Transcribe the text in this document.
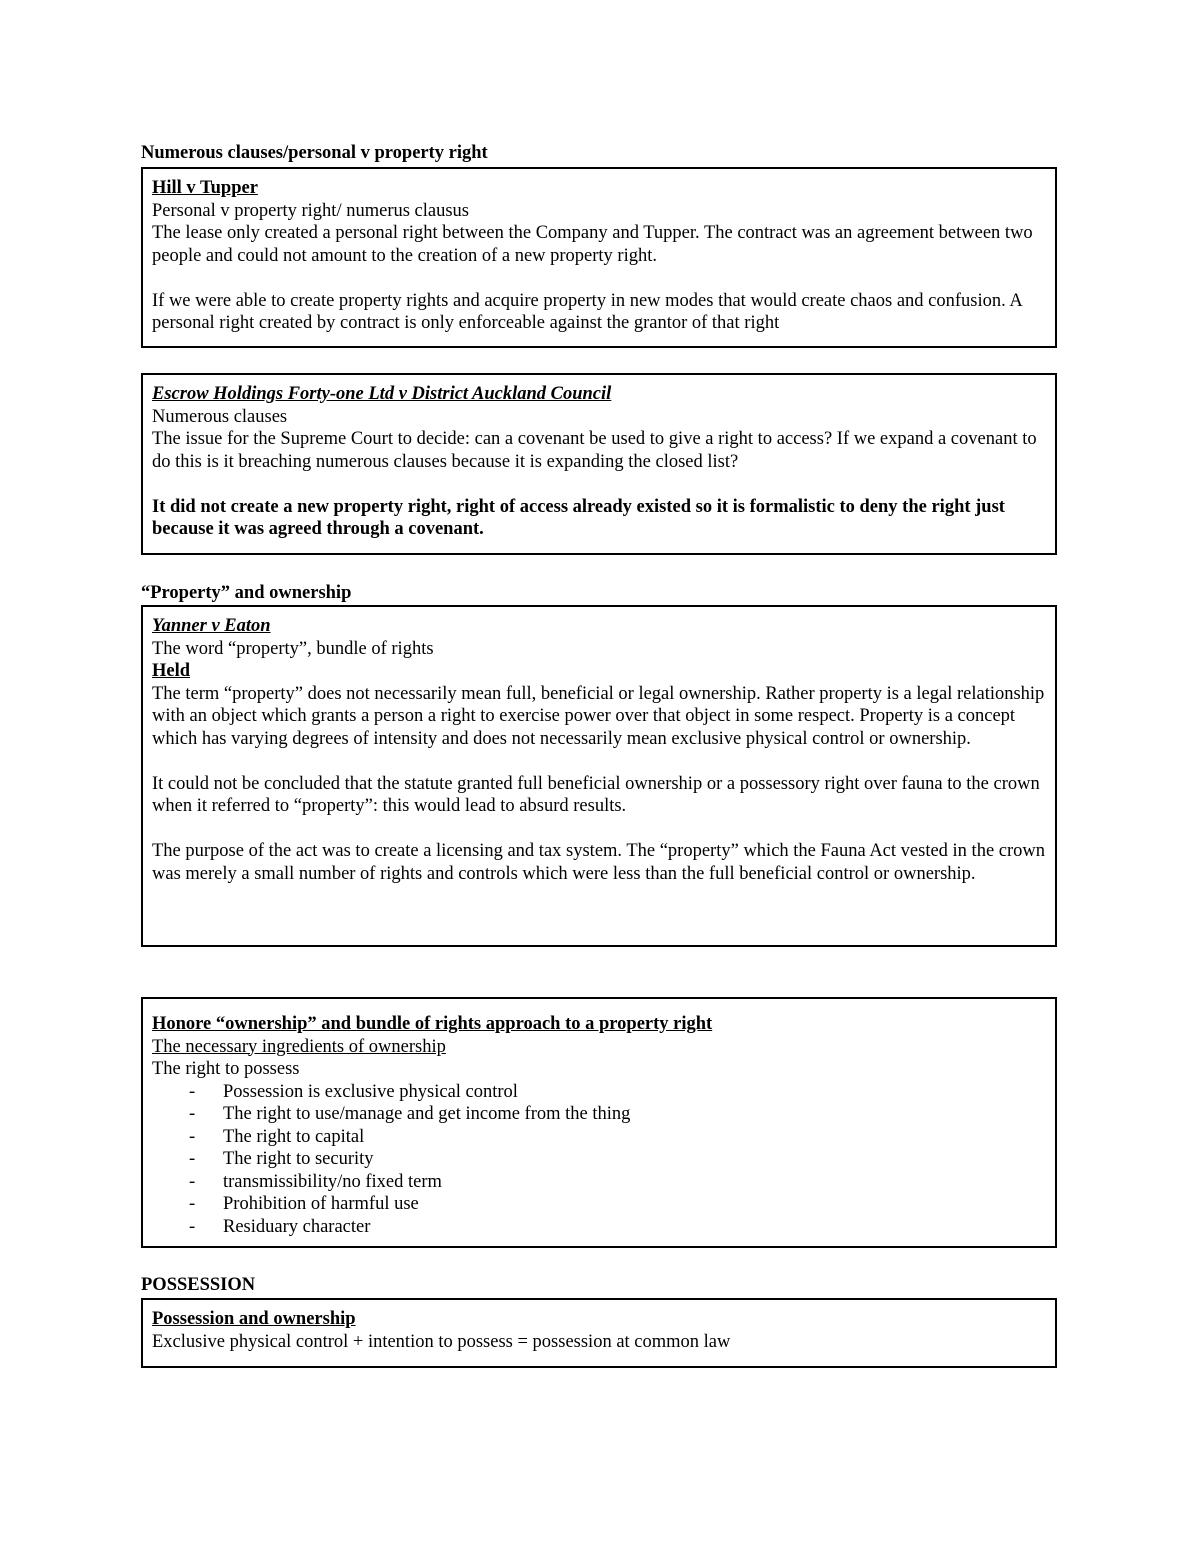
Numerous clauses/personal v property right

Hill v Tupper

Personal v property right/ numerus clausus

The lease only created a personal right between the Company and Tupper. The contract was an agreement between two people and could not amount to the creation of a new property right.

If we were able to create property rights and acquire property in new modes that would create chaos and confusion. A personal right created by contract is only enforceable against the grantor of that right

Escrow Holdings Forty-one Ltd v District Auckland Council

Numerous clauses

The issue for the Supreme Court to decide: can a covenant be used to give a right to access? If we expand a covenant to do this is it breaching numerous clauses because it is expanding the closed list?

It did not create a new property right, right of access already existed so it is formalistic to deny the right just because it was agreed through a covenant.

“Property” and ownership

Yanner v Eaton

The word “property”, bundle of rights

Held

The term “property” does not necessarily mean full, beneficial or legal ownership. Rather property is a legal relationship with an object which grants a person a right to exercise power over that object in some respect. Property is a concept which has varying degrees of intensity and does not necessarily mean exclusive physical control or ownership.

It could not be concluded that the statute granted full beneficial ownership or a possessory right over fauna to the crown when it referred to “property”: this would lead to absurd results.

The purpose of the act was to create a licensing and tax system. The “property” which the Fauna Act vested in the crown was merely a small number of rights and controls which were less than the full beneficial control or ownership.

Honore “ownership” and bundle of rights approach to a property right

The necessary ingredients of ownership

The right to possess

- Possession is exclusive physical control
- The right to use/manage and get income from the thing
- The right to capital
- The right to security
- transmissibility/no fixed term
- Prohibition of harmful use
- Residuary character

POSSESSION

Possession and ownership

Exclusive physical control + intention to possess = possession at common law
